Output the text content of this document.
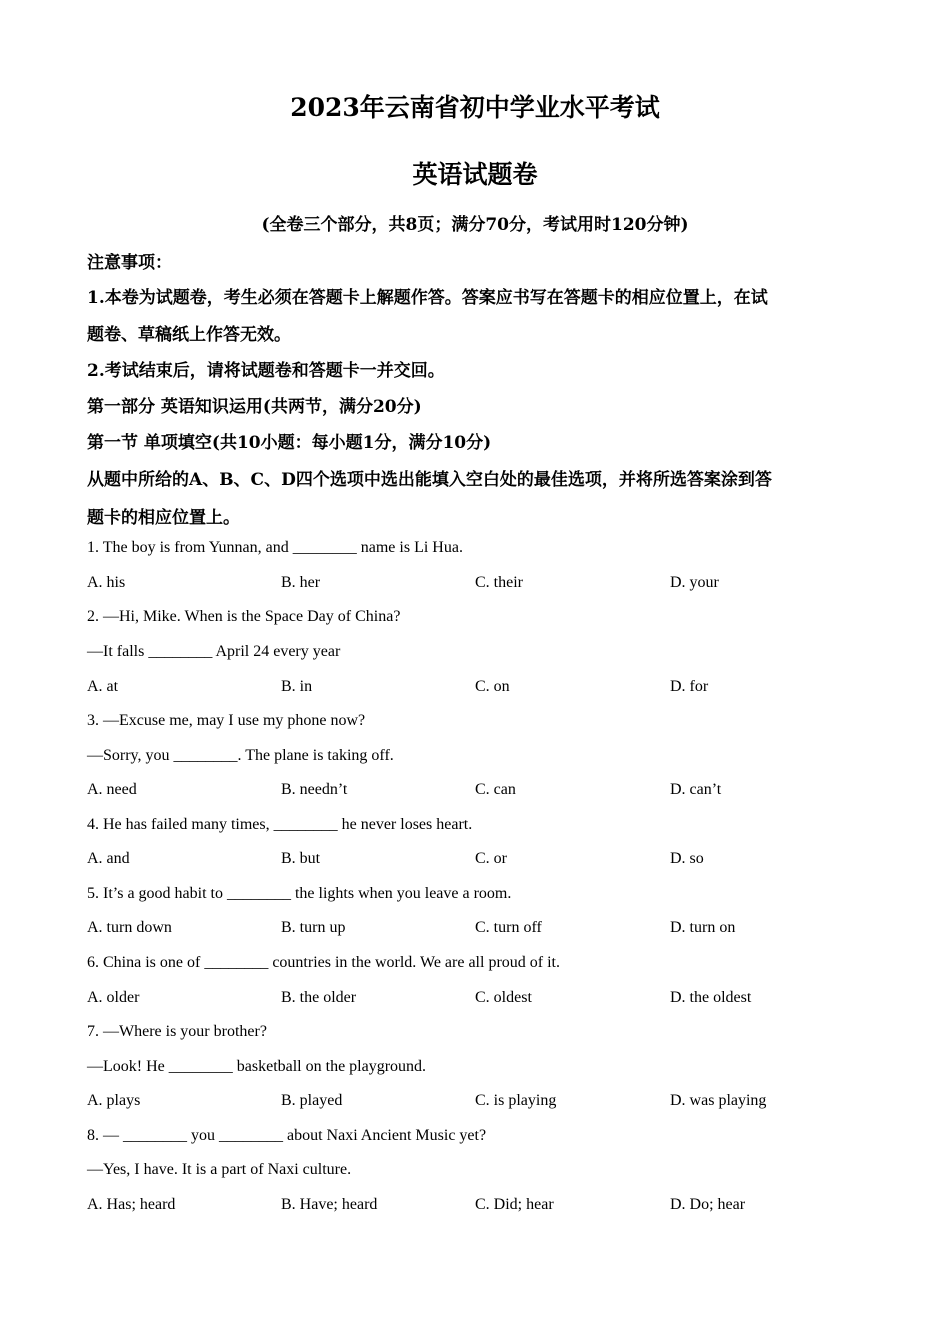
2023年云南省初中学业水平考试
英语试题卷
(全卷三个部分，共8页；满分70分，考试用时120分钟)
注意事项：
1.本卷为试题卷，考生必须在答题卡上解题作答。答案应书写在答题卡的相应位置上，在试
题卷、草稿纸上作答无效。
2.考试结束后，请将试题卷和答题卡一并交回。
第一部分 英语知识运用(共两节，满分20分)
第一节 单项填空(共10小题：每小题1分，满分10分)
从题中所给的A、B、C、D四个选项中选出能填入空白处的最佳选项，并将所选答案涂到答
题卡的相应位置上。
1. The boy is from Yunnan, and ________ name is Li Hua.
A. his	B. her	C. their	D. your
2. —Hi, Mike. When is the Space Day of China?
—It falls ________ April 24 every year
A. at	B. in	C. on	D. for
3. —Excuse me, may I use my phone now?
—Sorry, you ________. The plane is taking off.
A. need	B. needn’t	C. can	D. can’t
4. He has failed many times, ________ he never loses heart.
A. and	B. but	C. or	D. so
5. It’s a good habit to ________ the lights when you leave a room.
A. turn down	B. turn up	C. turn off	D. turn on
6. China is one of ________ countries in the world. We are all proud of it.
A. older	B. the older	C. oldest	D. the oldest
7. —Where is your brother?
—Look! He ________ basketball on the playground.
A. plays	B. played	C. is playing	D. was playing
8. — ________ you ________ about Naxi Ancient Music yet?
—Yes, I have. It is a part of Naxi culture.
A. Has; heard	B. Have; heard	C. Did; hear	D. Do; hear
